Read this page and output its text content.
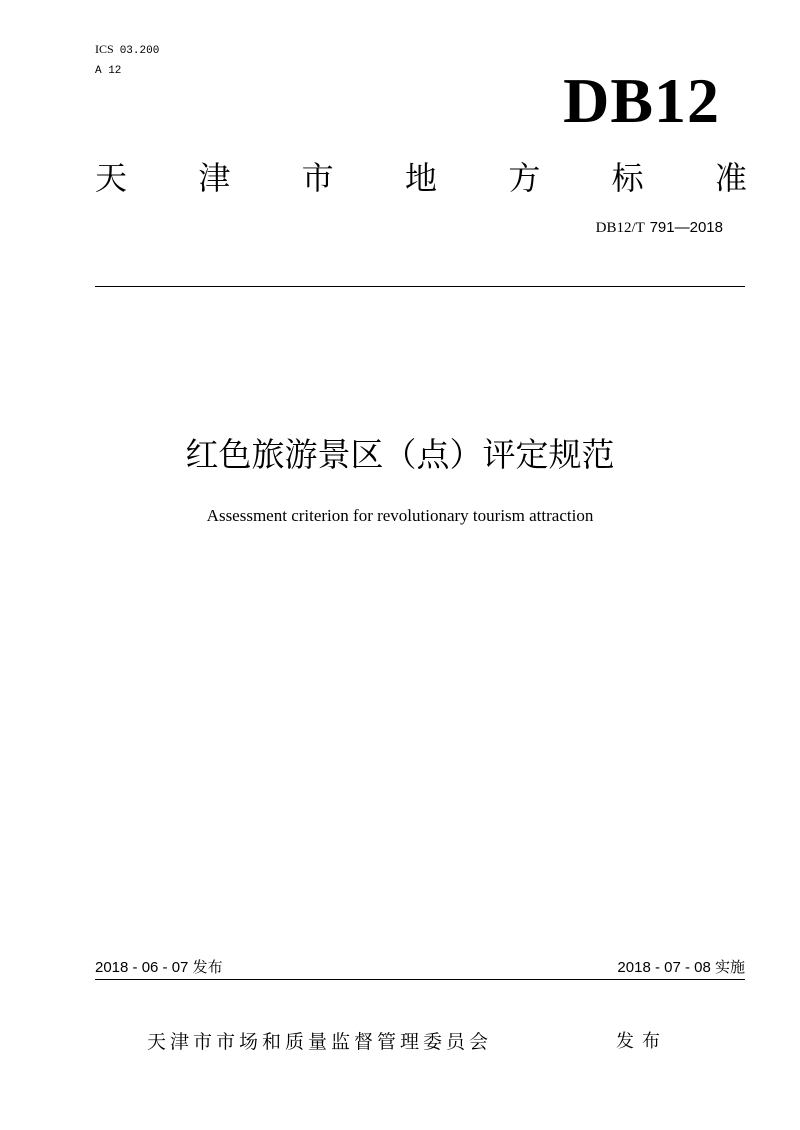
ICS 03.200
A 12	DB12
天 津 市 地 方 标 准
DB12/T 791—2018
红色旅游景区（点）评定规范
Assessment criterion for revolutionary tourism attraction
2018 - 06 - 07 发布	2018 - 07 - 08 实施
天津市市场和质量监督管理委员会	发布
